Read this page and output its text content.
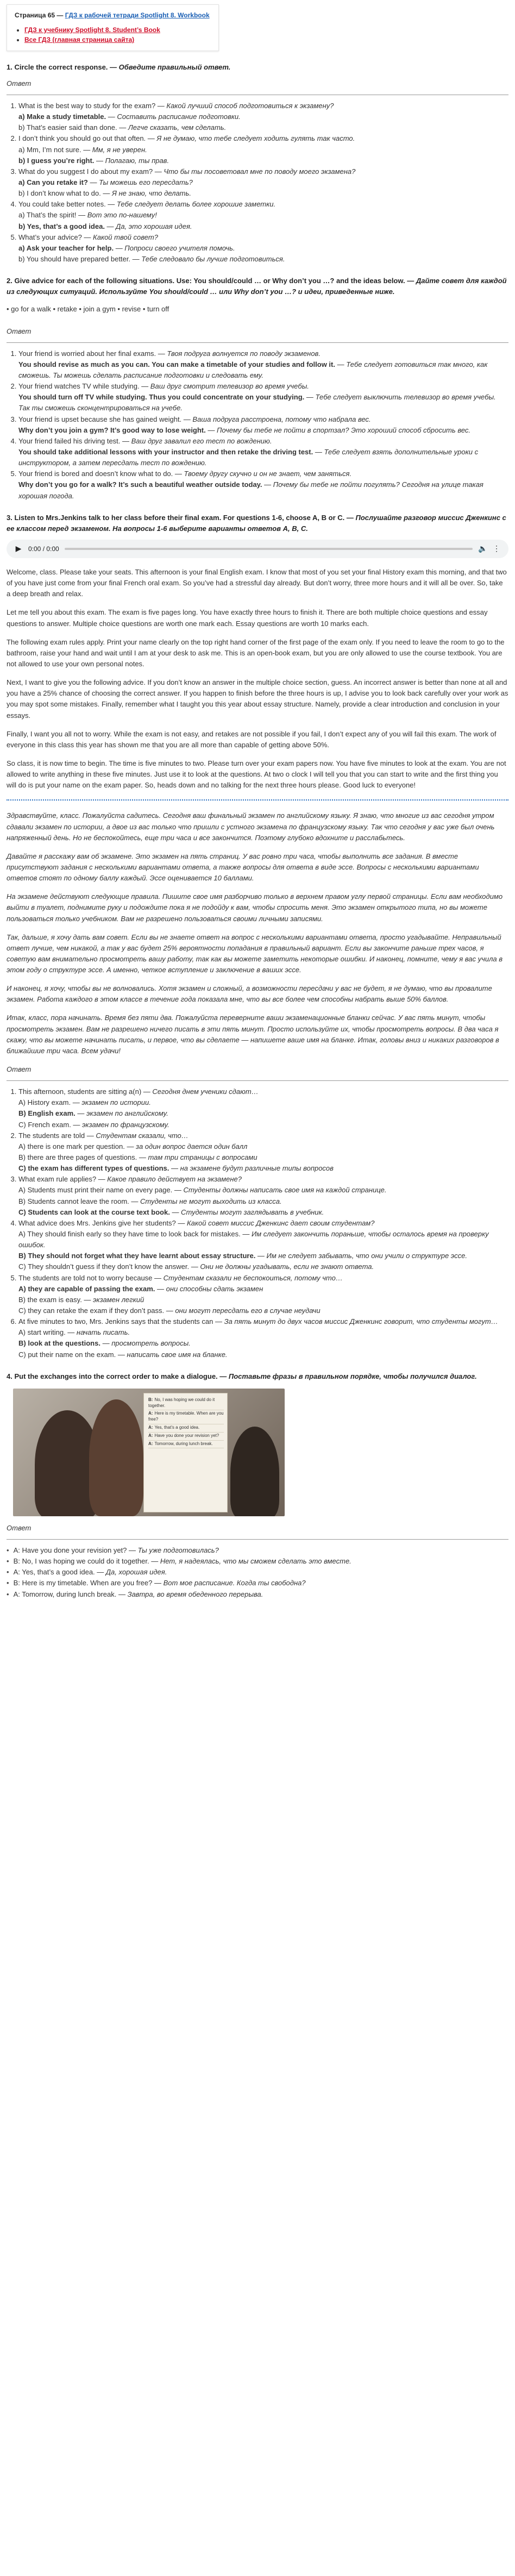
Страница 65 — ГДЗ к рабочей тетради Spotlight 8. Workbook
• ГДЗ к учебнику Spotlight 8. Student’s Book
• Все ГДЗ (главная страница сайта)
1. Circle the correct response. — Обведите правильный ответ.
Ответ
1. What is the best way to study for the exam? — Какой лучший способ подготовиться к экзамену?
a) Make a study timetable. — Составить расписание подготовки.
b) That’s easier said than done. — Легче сказать, чем сделать.
2. I don’t think you should go out that often. — Я не думаю, что тебе следует ходить гулять так часто.
a) Mm, I’m not sure. — Мм, я не уверен.
b) I guess you’re right. — Полагаю, ты прав.
3. What do you suggest I do about my exam? — Что бы ты посоветовал мне по поводу моего экзамена?
a) Can you retake it? — Ты можешь его пересдать?
b) I don’t know what to do. — Я не знаю, что делать.
4. You could take better notes. — Тебе следует делать более хорошие заметки.
a) That’s the spirit! — Вот это по-нашему!
b) Yes, that’s a good idea. — Да, это хорошая идея.
5. What’s your advice? — Какой твой совет?
a) Ask your teacher for help. — Попроси своего учителя помочь.
b) You should have prepared better. — Тебе следовало бы лучше подготовиться.
2. Give advice for each of the following situations. Use: You should/could … or Why don’t you …? and the ideas below. — Дайте совет для каждой из следующих ситуаций. Используйте You should/could … или Why don’t you …? и идеи, приведенные ниже.
• go for a walk • retake • join a gym • revise • turn off
Ответ
1. Your friend is worried about her final exams. — Твоя подруга волнуется по поводу экзаменов.
You should revise as much as you can. You can make a timetable of your studies and follow it. — Тебе следует готовиться так много, как сможешь. Ты можешь сделать расписание подготовки и следовать ему.
2. Your friend watches TV while studying. — Ваш друг смотрит телевизор во время учебы.
You should turn off TV while studying. Thus you could concentrate on your studying. — Тебе следует выключить телевизор во время учебы. Так ты сможешь сконцентрироваться на учебе.
3. Your friend is upset because she has gained weight. — Ваша подруга расстроена, потому что набрала вес.
Why don’t you join a gym? It’s good way to lose weight. — Почему бы тебе не пойти в спортзал? Это хороший способ сбросить вес.
4. Your friend failed his driving test. — Ваш друг завалил его тест по вождению.
You should take additional lessons with your instructor and then retake the driving test. — Тебе следует взять дополнительные уроки с инструктором, а затем пересдать тест по вождению.
5. Your friend is bored and doesn’t know what to do. — Твоему другу скучно и он не знает, чем заняться.
Why don’t you go for a walk? It’s such a beautiful weather outside today. — Почему бы тебе не пойти погулять? Сегодня на улице такая хорошая погода.
3. Listen to Mrs.Jenkins talk to her class before their final exam. For questions 1-6, choose A, B or C. — Послушайте разговор миссис Дженкинс с ее классом перед экзаменом. На вопросы 1-6 выберите варианты ответов A, B, C.
▶ 0:00 / 0:00	🔈 ⋮

Welcome, class. Please take your seats. This afternoon is your final English exam. I know that most of you set your final History exam this morning, and that two of you have just come from your final French oral exam. So you’ve had a stressful day already. But don’t worry, three more hours and it will all be over. So, take a deep breath and relax.

Let me tell you about this exam. The exam is five pages long. You have exactly three hours to finish it. There are both multiple choice questions and essay questions to answer. Multiple choice questions are worth one mark each. Essay questions are worth 10 marks each.

The following exam rules apply. Print your name clearly on the top right hand corner of the first page of the exam only. If you need to leave the room to go to the bathroom, raise your hand and wait until I am at your desk to ask me. This is an open-book exam, but you are only allowed to use the course textbook. You are not allowed to use your own personal notes.

Next, I want to give you the following advice. If you don’t know an answer in the multiple choice section, guess. An incorrect answer is better than none at all and you have a 25% chance of choosing the correct answer. If you happen to finish before the three hours is up, I advise you to look back carefully over your work as you may spot some mistakes. Finally, remember what I taught you this year about essay structure. Namely, provide a clear introduction and conclusion in your essays.

Finally, I want you all not to worry. While the exam is not easy, and retakes are not possible if you fail, I don’t expect any of you will fail this exam. The work of everyone in this class this year has shown me that you are all more than capable of getting above 50%.

So class, it is now time to begin. The time is five minutes to two. Please turn over your exam papers now. You have five minutes to look at the exam. You are not allowed to write anything in these five minutes. Just use it to look at the questions. At two o clock I will tell you that you can start to write and the first thing you will do is put your name on the exam paper. So, heads down and no talking for the next three hours please. Good luck to everyone!

Здравствуйте, класс. Пожалуйста садитесь. Сегодня ваш финальный экзамен по английскому языку. Я знаю, что многие из вас сегодня утром сдавали экзамен по истории, а двое из вас только что пришли с устного экзамена по французскому языку. Так что сегодня у вас уже был очень напряженный день. Но не беспокойтесь, еще три часа и все закончится. Поэтому глубоко вдохните и расслабьтесь.

Давайте я расскажу вам об экзамене. Это экзамен на пять страниц. У вас ровно три часа, чтобы выполнить все задания. В вместе присутствуют задания с несколькими вариантами ответа, а также вопросы для ответа в виде эссе. Вопросы с несколькими вариантами ответов стоят по одному баллу каждый. Эссе оценивается 10 баллами.

На экзамене действуют следующие правила. Пишите свое имя разборчиво только в верхнем правом углу первой страницы. Если вам необходимо выйти в туалет, поднимите руку и подождите пока я не подойду к вам, чтобы спросить меня. Это экзамен открытого типа, но вы можете пользоваться только учебником. Вам не разрешено пользоваться своими личными записями.

Так, дальше, я хочу дать вам совет. Если вы не знаете ответ на вопрос с несколькими вариантами ответа, просто угадывайте. Неправильный ответ лучше, чем никакой, а так у вас будет 25% вероятности попадания в правильный вариант. Если вы закончите раньше трех часов, я советую вам внимательно просмотреть вашу работу, так как вы можете заметить некоторые ошибки. И наконец, помните, чему я вас учила в этом году о структуре эссе. А именно, четкое вступление и заключение в ваших эссе.

И наконец, я хочу, чтобы вы не волновались. Хотя экзамен и сложный, а возможности пересдачи у вас не будет, я не думаю, что вы провалите экзамен. Работа каждого в этом классе в течение года показала мне, что вы все более чем способны набрать выше 50% баллов.

Итак, класс, пора начинать. Время без пяти два. Пожалуйста переверните ваши экзаменационные бланки сейчас. У вас пять минут, чтобы просмотреть экзамен. Вам не разрешено ничего писать в эти пять минут. Просто используйте их, чтобы просмотреть вопросы. В два часа я скажу, что вы можете начинать писать, и первое, что вы сделаете — напишете ваше имя на бланке. Итак, головы вниз и никаких разговоров в ближайшие три часа. Всем удачи!

Ответ
1. This afternoon, students are sitting a(n) — Сегодня днем ученики сдают…
A) History exam. — экзамен по истории.
B) English exam. — экзамен по английскому.
C) French exam. — экзамен по французскому.
2. The students are told — Студентам сказали, что…
A) there is one mark per question. — за один вопрос дается один балл
B) there are three pages of questions. — там три страницы с вопросами
C) the exam has different types of questions. — на экзамене будут различные типы вопросов
3. What exam rule applies? — Какое правило действует на экзамене?
A) Students must print their name on every page. — Студенты должны написать свое имя на каждой странице.
B) Students cannot leave the room. — Студенты не могут выходить из класса.
C) Students can look at the course text book. — Студенты могут заглядывать в учебник.
4. What advice does Mrs. Jenkins give her students? — Какой совет миссис Дженкинс дает своим студентам?
A) They should finish early so they have time to look back for mistakes. — Им следует закончить пораньше, чтобы осталось время на проверку ошибок.
B) They should not forget what they have learnt about essay structure. — Им не следует забывать, что они учили о структуре эссе.
C) They shouldn’t guess if they don’t know the answer. — Они не должны угадывать, если не знают ответа.
5. The students are told not to worry because — Студентам сказали не беспокоиться, потому что…
A) they are capable of passing the exam. — они способны сдать экзамен
B) the exam is easy. — экзамен легкий
C) they can retake the exam if they don’t pass. — они могут пересдать его в случае неудачи
6. At five minutes to two, Mrs. Jenkins says that the students can — За пять минут до двух часов миссис Дженкинс говорит, что студенты могут…
A) start writing. — начать писать.
B) look at the questions. — просмотреть вопросы.
C) put their name on the exam. — написать свое имя на бланке.
4. Put the exchanges into the correct order to make a dialogue. — Поставьте фразы в правильном порядке, чтобы получился диалог.
B: No, I was hoping we could do it together.
A: Here is my timetable. When are you free?
A: Yes, that’s a good idea.
A: Have you done your revision yet?
A: Tomorrow, during lunch break.
Ответ
• A: Have you done your revision yet? — Ты уже подготовилась?
• B: No, I was hoping we could do it together. — Нет, я надеялась, что мы сможем сделать это вместе.
• A: Yes, that’s a good idea. — Да, хорошая идея.
• B: Here is my timetable. When are you free? — Вот мое расписание. Когда ты свободна?
• A: Tomorrow, during lunch break. — Завтра, во время обеденного перерыва.
